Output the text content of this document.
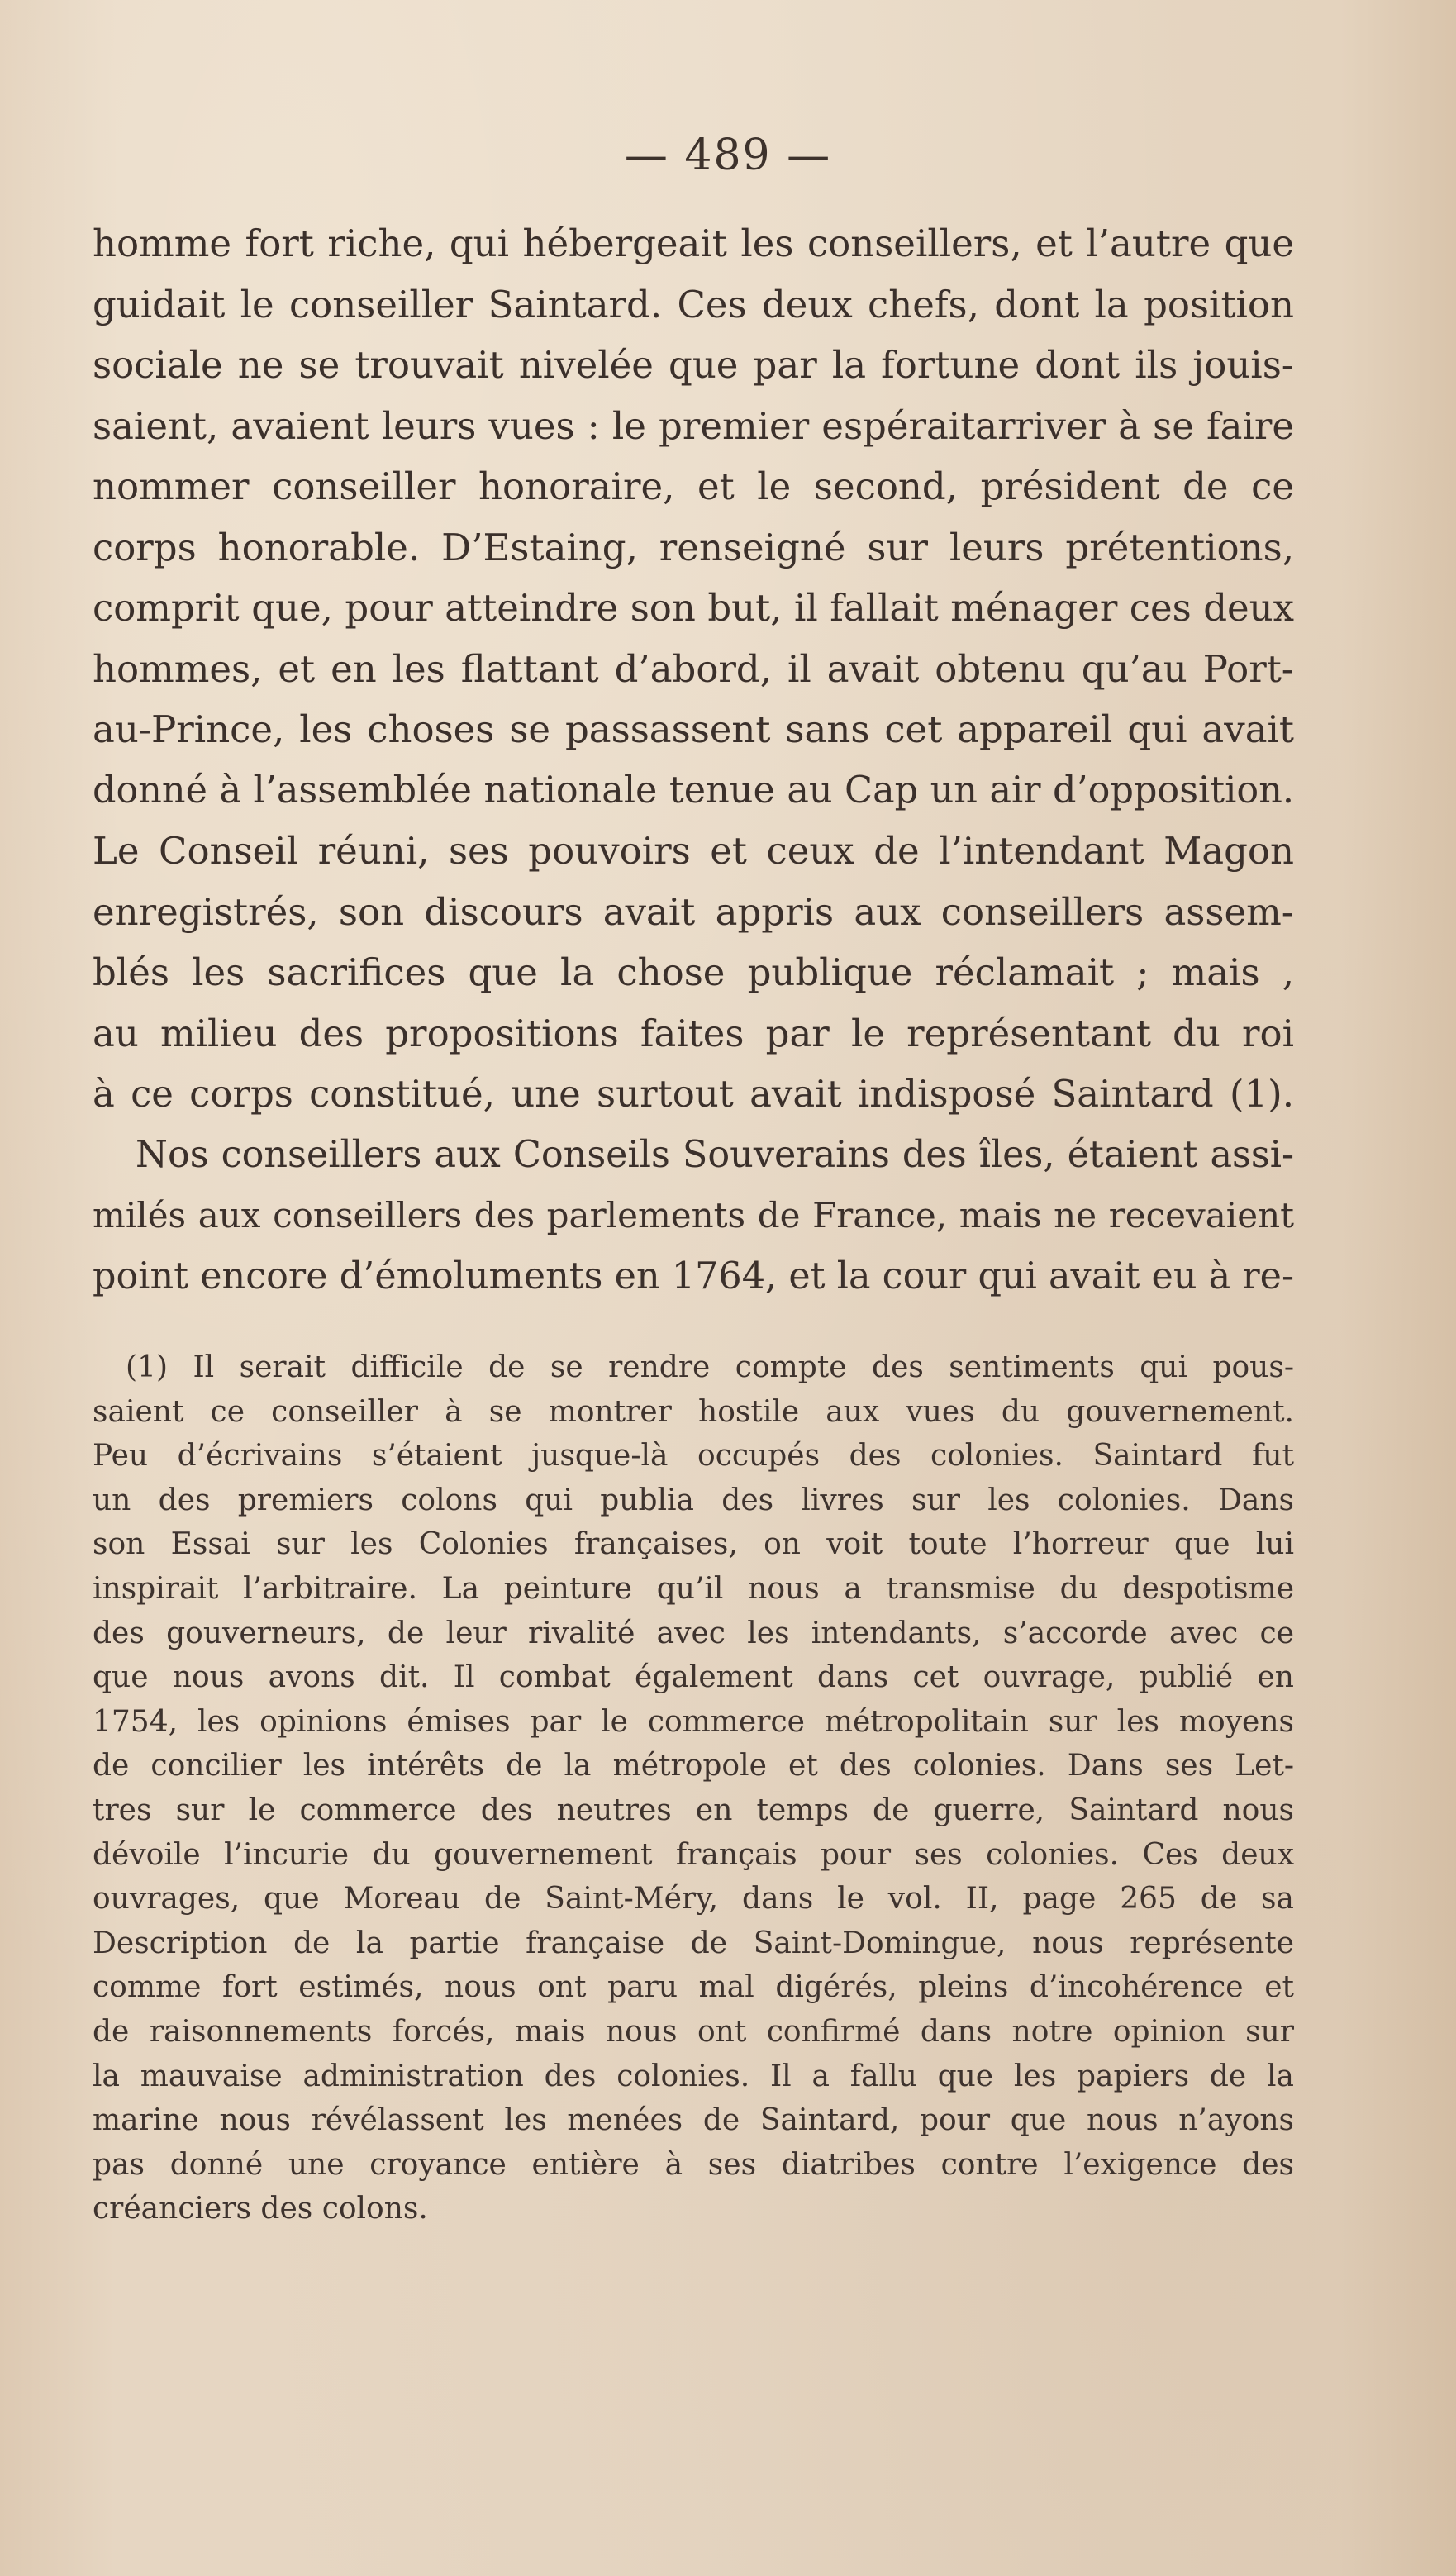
— 489 —
homme fort riche, qui hébergeait les conseillers, et l’autre que
guidait le conseiller Saintard. Ces deux chefs, dont la position
sociale ne se trouvait nivelée que par la fortune dont ils jouis-
saient, avaient leurs vues : le premier espéraitarriver à se faire
nommer conseiller honoraire, et le second, président de ce
corps honorable. D’Estaing, renseigné sur leurs prétentions,
comprit que, pour atteindre son but, il fallait ménager ces deux
hommes, et en les flattant d’abord, il avait obtenu qu’au Port-
au-Prince, les choses se passassent sans cet appareil qui avait
donné à l’assemblée nationale tenue au Cap un air d’opposition.
Le Conseil réuni, ses pouvoirs et ceux de l’intendant Magon
enregistrés, son discours avait appris aux conseillers assem-
blés les sacrifices que la chose publique réclamait ; mais ,
au milieu des propositions faites par le représentant du roi
à ce corps constitué, une surtout avait indisposé Saintard (1).
Nos conseillers aux Conseils Souverains des îles, étaient assi-
milés aux conseillers des parlements de France, mais ne recevaient
point encore d’émoluments en 1764, et la cour qui avait eu à re-
(1) Il serait difficile de se rendre compte des sentiments qui pous-
saient ce conseiller à se montrer hostile aux vues du gouvernement.
Peu d’écrivains s’étaient jusque-là occupés des colonies. Saintard fut
un des premiers colons qui publia des livres sur les colonies. Dans
son Essai sur les Colonies françaises, on voit toute l’horreur que lui
inspirait l’arbitraire. La peinture qu’il nous a transmise du despotisme
des gouverneurs, de leur rivalité avec les intendants, s’accorde avec ce
que nous avons dit. Il combat également dans cet ouvrage, publié en
1754, les opinions émises par le commerce métropolitain sur les moyens
de concilier les intérêts de la métropole et des colonies. Dans ses Let-
tres sur le commerce des neutres en temps de guerre, Saintard nous
dévoile l’incurie du gouvernement français pour ses colonies. Ces deux
ouvrages, que Moreau de Saint-Méry, dans le vol. II, page 265 de sa
Description de la partie française de Saint-Domingue, nous représente
comme fort estimés, nous ont paru mal digérés, pleins d’incohérence et
de raisonnements forcés, mais nous ont confirmé dans notre opinion sur
la mauvaise administration des colonies. Il a fallu que les papiers de la
marine nous révélassent les menées de Saintard, pour que nous n’ayons
pas donné une croyance entière à ses diatribes contre l’exigence des
créanciers des colons.
